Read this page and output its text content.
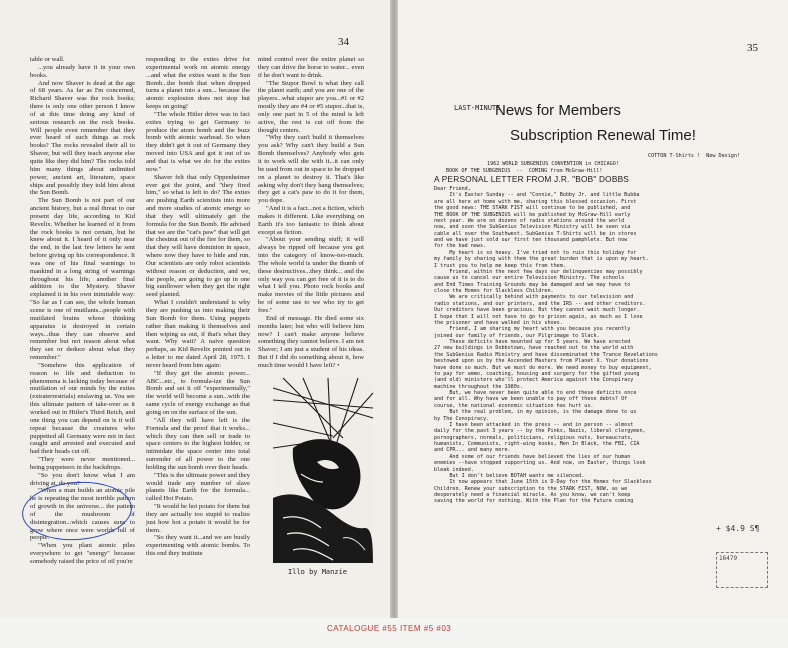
34

table or wall.

...you already have it in your own books.

And now Shaver is dead at the age of 68 years. As far as I'm concerned, Richard Shaver was the rock books; there is only one other person I know of at this time doing any kind of serious research on the rock books. Will people even remember that they ever heard of such things as rock books? The rocks revealed their all to Shaver, but will they teach anyone else quite like they did him? The rocks told him many things about unlimited power, ancient art, literature, space ships and possibly they told him about the Sun Bomb.

The Sun Bomb is not part of our ancient history, but a real threat to our present day life, according to Kid Revelix. Whether he learned of it from the rock books is not certain, but he knew about it. I heard of it only near the end, in the last few letters he sent before giving up his correspondence. It was one of his final warnings to mankind in a long string of warnings throughout his life; another final addition to the Mystery. Shaver explained it in his own inimitable way: "So far as I can see, the whole human scene is one of mutilants...people with mutilated brains whose thinking apparatus is destroyed in certain ways...thus they can observe and remember but not reason about what they see or deduce about what they remember."

"Somehow this application of reason to life and deduction to phenomena is lacking today because of mutilation of our minds by the exties (extraterrestrials) enslaving us. You see this ultimate pattern of take-over as it worked out in Hitler's Third Reich, and one thing you can depend on is it will repeat because the creatures who puppetted all Germany were not in fact caught and arrested and executed and had their heads cut off.

"They were never mentioned... being puppeteers in the backdrops.

"So you don't know what I am driving at, do you?

"When a man builds an atomic pile he is repeating the most terrible pattern of growth in the universe... the pattern of the mushroom of disintegration...which causes suns to grow where once were worlds full of people.

"When you plant atomic piles everywhere to get "energy" because somebody raised the price of oil you're

responding to the exties drive for experimental work on atomic energy ...and what the exties want is the Sun Bomb...the bomb that when dropped turns a planet into a sun... because the atomic explosion does not stop but keeps on going!

"The whole Hitler drive was in fact exties trying to get Germany to produce the atom bomb and the buzz bomb with atomic warhead. So when they didn't get it out of Germany they moved into USA and got it out of us and that is what we do for the exties now."

Shaver felt that only Oppenheimer ever got the point, and "they fired him," so what is left to do? The exties are pushing Earth scientists into more and more studies of atomic energy so that they will ultimately get the formula for the Sun Bomb. He advised that we are the "cat's paw" that will get the chestnut out of the fire for them, so that they will have dominion in space, where now they have to hide and run. Our scientists are only robot scientists without reason or deduction, and we, the people, are going to go up in one big sunflower when they get the right seed planted.

What I couldn't understand is why they are pushing us into making their Sun Bomb for them. Using puppets rather than making it themselves and then wiping us out, if that's what they want. Why wait? A naive question perhaps, as Kid Revelix pointed out in a letter to me dated April 28, 1975. I never heard from him again:

"If they get the atomic power... ABC...etc., to formula-ize the Sun Bomb and set it off "experimentally," the world will become a sun...with the same cycle of energy exchange as that going on on the surface of the sun.

"All they will have left is the Formula and the proof that it works... which they can then sell or trade to space centers to the highest bidder, or intimidate the space center into total surrender of all power to the one holding the sun bomb over their heads.

"This is the ultimate power and they would trade any number of slave planets like Earth for the formula... called Hot Potato.

"It would be hot potato for them but they are actually too stupid to realize just how hot a potato it would be for them.

"So they want it...and we are busily experimenting with atomic bombs. To this end they institute

mind control over the entire planet so they can drive the horse to water... even if he don't want to drink.

"The Stupor Bowl is what they call the planet earth; and you are one of the players...what stupor are you...#1 or #2 mostly they are #4 or #5 stupor...that is, only one part in 5 of the mind is left active, the rest is cut off from the thought centers.

"Why they can't build it themselves you ask? Why can't they build a Sun Bomb themselves? Anybody who gets it to work will die with it...it can only be used from out in space to be dropped on a planet to destroy it. That's like asking why don't they hang themselves; they get a cat's paw to do it for them, you dope.

"And it is a fact...not a fiction, which makes it different. Like everything on Earth it's too fantastic to think about except as fiction.

"About your sending stuff; it will always be ripped off because you got into the category of know-too-much. The whole world is under the thumb of these destructives...they think... and the only way you can get free of it is to do what I tell you. Photo rock books and make movies of the little pictures and be of some use to we who try to get free."

End of message. He died some six months later; but who will believe him now? I can't make anyone believe something they cannot believe. I am not Shaver; I am just a student of his ideas. But if I did do something about it, how much time would I have left? •

Illo by Manzie
35
LAST-MINUTE
News for Members
Subscription Renewal Time!
COTTON T-Shirts !  New Design!
1962 WORLD SUBGENIUS CONVENTION in CHICAGO!
BOOK OF THE SUBGENIUS  --  COMING from McGraw-Hill!
A PERSONAL LETTER FROM J.R. "BOB" DOBBS

Dear Friend,

It's Easter Sunday -- and "Connie," Bobby Jr. and little Bubba
are all here at home with me, sharing this blessed occasion. First
the good news: THE STARK FIST will continue to be published, and
THE BOOK OF THE SUBGENIUS will be published by McGraw-Hill early
next year. We are on dozens of radio stations around the world
now, and soon the SubGenius Television Ministry will be seen via
cable all over the Southwest. SubGenius T-Shirts will be in stores
and we have just sold our first ten thousand pamphlets. But now
for the bad news.

My heart is so heavy. I've tried not to ruin this holiday for
my family by sharing with them the great burden that is upon my heart.
I trust you to help me keep this from them.

Friend, within the next few days our delinquencies may possibly
cause us to cancel our entire Television Ministry. The schools
and End Times Training Grounds may be damaged and we may have to
close the Homes for Slackless Children.

We are critically behind with payments to our television and
radio stations, and our printers, and the IRS -- and other creditors.
Our creditors have been gracious. But they cannot wait much longer.
I hope that I will not have to go to prison again, as much as I love
the prisoner and have walked in his shoes.

Friend, I am sharing my heart with you because you recently
joined our family of friends, our Pilgrimage to Slack.

These deficits have mounted up for 5 years. We have erected
27 new buildings in Dobbstown, have reached out to the world with
the SubGenius Radio Ministry and have disseminated the Trance Revelations
bestowed upon us by the Ascended Masters from Planet X. Your donations
have done so much. But we must do more. We need money to buy equipment,
to pay for ammo, coaching, housing and surgery for the gifted young
(and old) ministers who'll protect America against the Conspiracy
machine throughout the 1980s.

But, we have never been quite able to end these deficits once
and for all. Why have we been unable to pay off these debts? Of
course, the national economic situation has hurt us.

But the real problem, in my opinion, is the damage done to us
by The Conspiracy.

I have been attacked in the press -- and in person -- almost
daily for the past 3 years -- by the Pinks, Nazis, liberal clergymen,
pornographers, normals, politicians, religious nuts, bureaucrats,
humanists, Communists, right-wing kooks, Men In Black, the FBI, CIA
and CPR... and many more.

And some of our friends have believed the lies of our human
enemies --have stopped supporting us. And now, on Easter, things look
bleak indeed.

But I don't believe BOTAH wants me silenced.

It now appears that June 15th is D-Day for the Homes for Slackless
Children. Renew your subscription to the STARK FIST, NOW, as we
desperately need a financial miracle. As you know, we can't keep
saving the world for nothing. With the Plan for the Future coming

+ $4.9 S¶
16479
CATALOGUE #55 ITEM #5 #03
